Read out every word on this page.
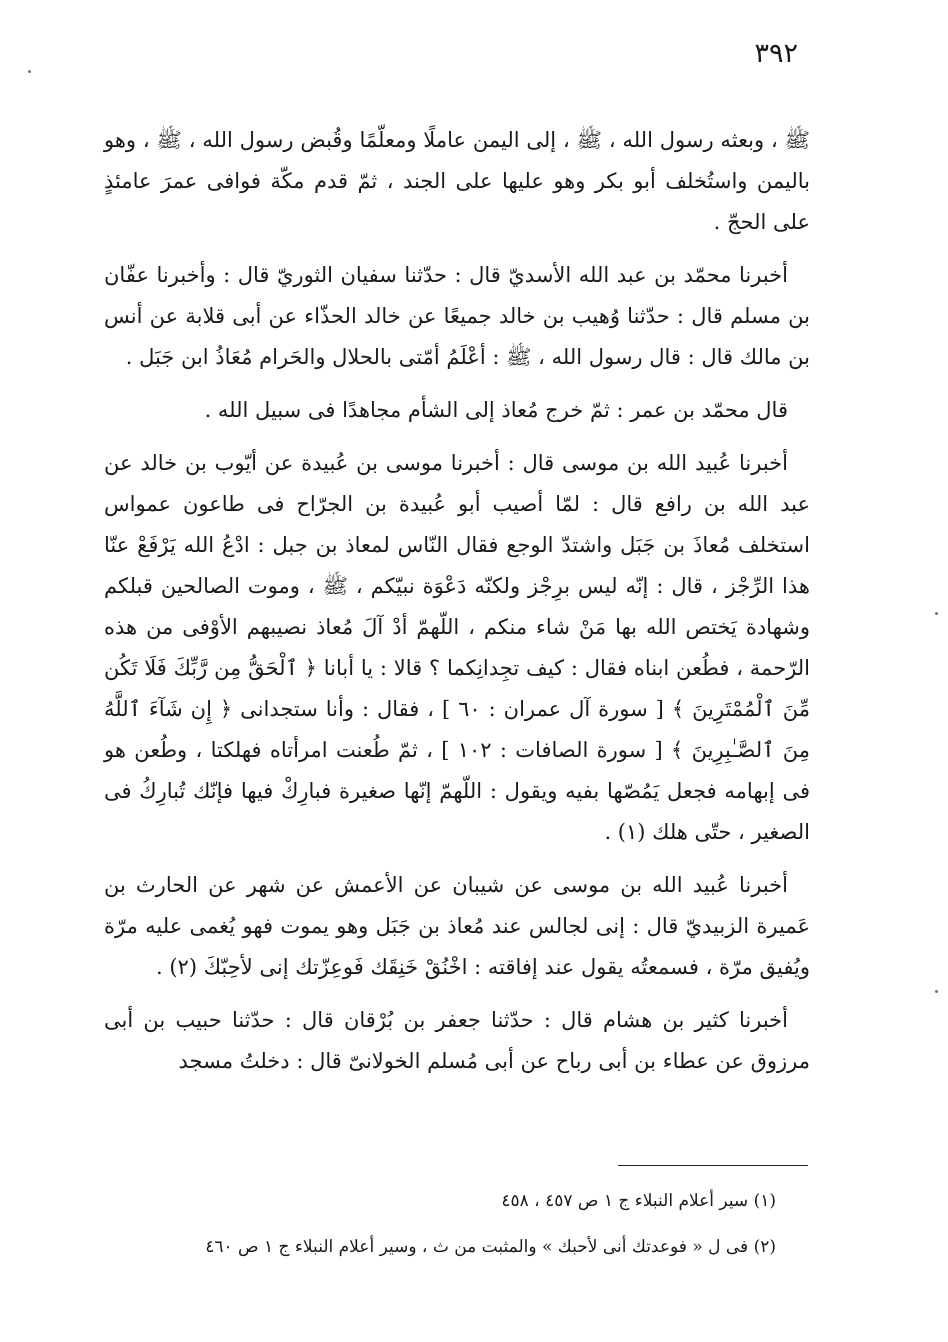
٣٩٢

ﷺ ، وبعثه رسول الله ، ﷺ ، إلى اليمن عاملًا ومعلّمًا وقُبض رسول الله ، ﷺ ، وهو باليمن واستُخلف أبو بكر وهو عليها على الجند ، ثمّ قدم مكّة فوافى عمرَ عامئذٍ على الحجّ .

أخبرنا محمّد بن عبد الله الأسديّ قال : حدّثنا سفيان الثوريّ قال : وأخبرنا عفّان بن مسلم قال : حدّثنا وُهيب بن خالد جميعًا عن خالد الحذّاء عن أبى قلابة عن أنس بن مالك قال : قال رسول الله ، ﷺ : أعْلَمُ أمّتى بالحلال والحَرام مُعَاذُ ابن جَبَل .

قال محمّد بن عمر : ثمّ خرج مُعاذ إلى الشأم مجاهدًا فى سبيل الله .

أخبرنا عُبيد الله بن موسى قال : أخبرنا موسى بن عُبيدة عن أيّوب بن خالد عن عبد الله بن رافع قال : لمّا أصيب أبو عُبيدة بن الجرّاح فى طاعون عمواس استخلف مُعاذَ بن جَبَل واشتدّ الوجع فقال النّاس لمعاذ بن جبل : ادْعُ الله يَرْفَعْ عنّا هذا الرِّجْز ، قال : إنّه ليس برِجْز ولكنّه دَعْوَة نبيّكم ، ﷺ ، وموت الصالحين قبلكم وشهادة يَختص الله بها مَنْ شاء منكم ، اللّهمّ أدْ آلَ مُعاذ نصيبهم الأوْفى من هذه الرّحمة ، فطُعن ابناه فقال : كيف تجِدانِكما ؟ قالا : يا أبانا ﴿ ٱلْحَقُّ مِن رَّبِّكَ فَلَا تَكُن مِّنَ ٱلْمُمْتَرِينَ ﴾ [ سورة آل عمران : ٦٠ ] ، فقال : وأنا ستجدانى ﴿ إِن شَآءَ ٱللَّهُ مِنَ ٱلصَّـٰبِرِينَ ﴾ [ سورة الصافات : ١٠٢ ] ، ثمّ طُعنت امرأتاه فهلكتا ، وطُعن هو فى إبهامه فجعل يَمُصّها بفيه ويقول : اللّهمّ إنّها صغيرة فبارِكْ فيها فإنّك تُبارِكُ فى الصغير ، حتّى هلك (١) .

أخبرنا عُبيد الله بن موسى عن شيبان عن الأعمش عن شهر عن الحارث بن عَميرة الزبيديّ قال : إنى لجالس عند مُعاذ بن جَبَل وهو يموت فهو يُغمى عليه مرّة ويُفيق مرّة ، فسمعتُه يقول عند إفاقته : اخْنُقْ خَنِقَك فَوعِزّتك إنى لأحِبّكَ (٢) .

أخبرنا كثير بن هشام قال : حدّثنا جعفر بن بُرْقان قال : حدّثنا حبيب بن أبى مرزوق عن عطاء بن أبى رباح عن أبى مُسلم الخولانىّ قال : دخلتُ مسجد

(١) سير أعلام النبلاء ج ١ ص ٤٥٧ ، ٤٥٨

(٢) فى ل « فوعدتك أنى لأحبك » والمثبت من ث ، وسير أعلام النبلاء ج ١ ص ٤٦٠
